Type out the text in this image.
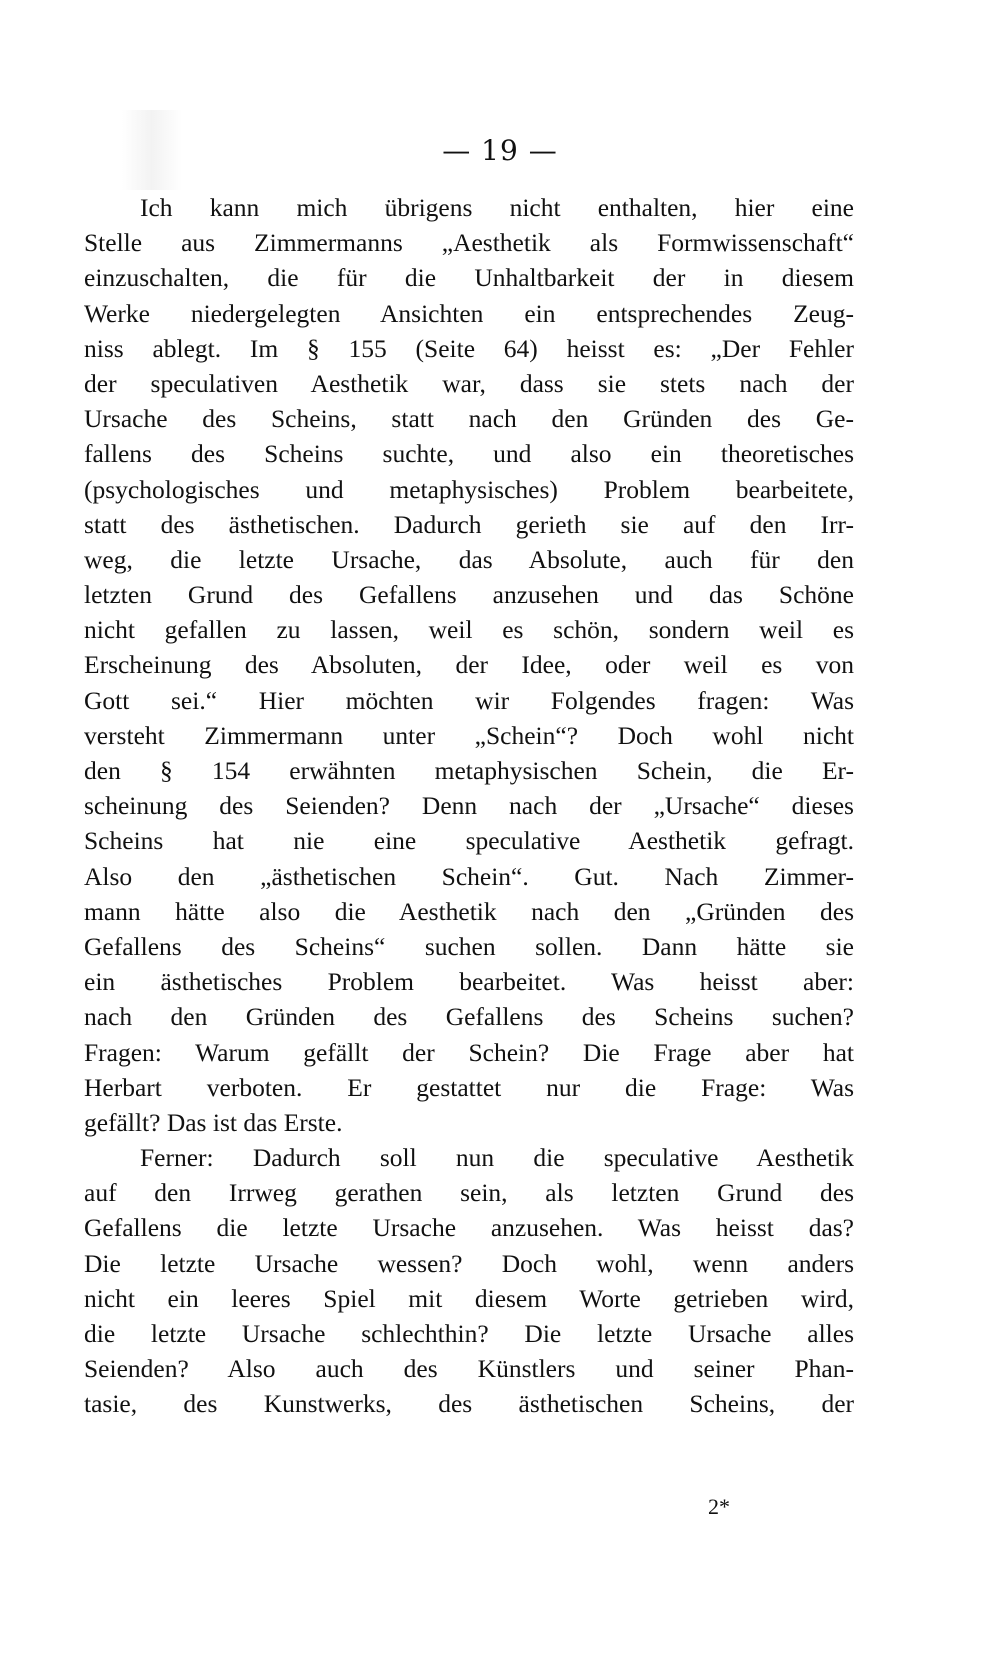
— 19 —
Ich kann mich übrigens nicht enthalten, hier eine
Stelle aus Zimmermanns „Aesthetik als Formwissenschaft“
einzuschalten, die für die Unhaltbarkeit der in diesem
Werke niedergelegten Ansichten ein entsprechendes Zeug-
niss ablegt. Im § 155 (Seite 64) heisst es: „Der Fehler
der speculativen Aesthetik war, dass sie stets nach der
Ursache des Scheins, statt nach den Gründen des Ge-
fallens des Scheins suchte, und also ein theoretisches
(psychologisches und metaphysisches) Problem bearbeitete,
statt des ästhetischen. Dadurch gerieth sie auf den Irr-
weg, die letzte Ursache, das Absolute, auch für den
letzten Grund des Gefallens anzusehen und das Schöne
nicht gefallen zu lassen, weil es schön, sondern weil es
Erscheinung des Absoluten, der Idee, oder weil es von
Gott sei.“ Hier möchten wir Folgendes fragen: Was
versteht Zimmermann unter „Schein“? Doch wohl nicht
den § 154 erwähnten metaphysischen Schein, die Er-
scheinung des Seienden? Denn nach der „Ursache“ dieses
Scheins hat nie eine speculative Aesthetik gefragt.
Also den „ästhetischen Schein“. Gut. Nach Zimmer-
mann hätte also die Aesthetik nach den „Gründen des
Gefallens des Scheins“ suchen sollen. Dann hätte sie
ein ästhetisches Problem bearbeitet. Was heisst aber:
nach den Gründen des Gefallens des Scheins suchen?
Fragen: Warum gefällt der Schein? Die Frage aber hat
Herbart verboten. Er gestattet nur die Frage: Was
gefällt? Das ist das Erste.
Ferner: Dadurch soll nun die speculative Aesthetik
auf den Irrweg gerathen sein, als letzten Grund des
Gefallens die letzte Ursache anzusehen. Was heisst das?
Die letzte Ursache wessen? Doch wohl, wenn anders
nicht ein leeres Spiel mit diesem Worte getrieben wird,
die letzte Ursache schlechthin? Die letzte Ursache alles
Seienden? Also auch des Künstlers und seiner Phan-
tasie, des Kunstwerks, des ästhetischen Scheins, der
2*
